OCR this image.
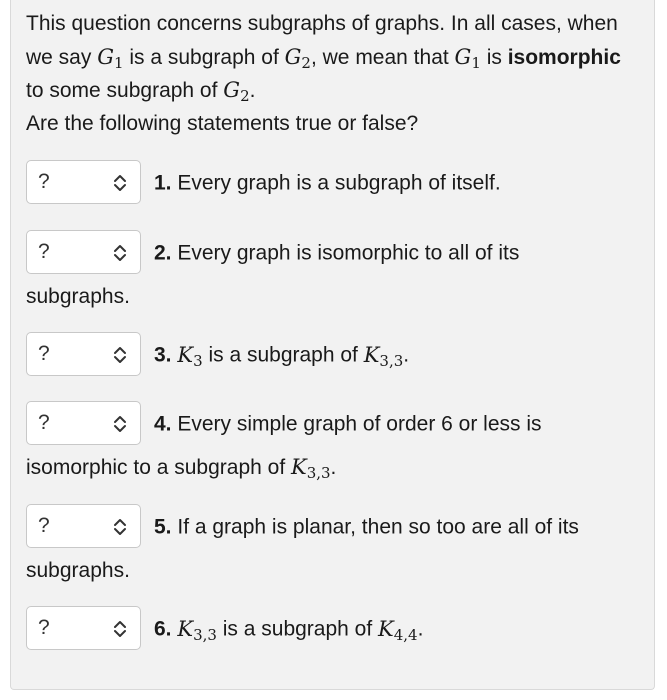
This question concerns subgraphs of graphs. In all cases, when we say $G_1$ is a subgraph of $G_2$, we mean that $G_1$ is isomorphic to some subgraph of $G_2$.
Are the following statements true or false?
?	1. Every graph is a subgraph of itself.
?	2. Every graph is isomorphic to all of its subgraphs.
?	3. $K_3$ is a subgraph of $K_{3,3}$.
?	4. Every simple graph of order 6 or less is isomorphic to a subgraph of $K_{3,3}$.
?	5. If a graph is planar, then so too are all of its subgraphs.
?	6. $K_{3,3}$ is a subgraph of $K_{4,4}$.
